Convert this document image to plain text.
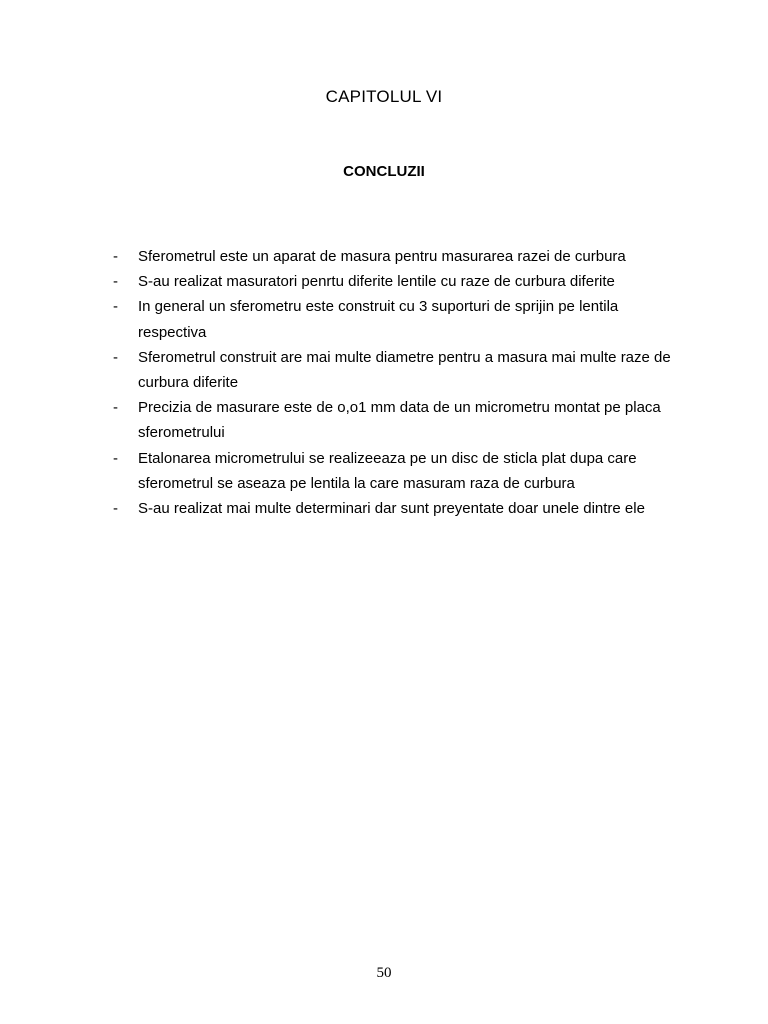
CAPITOLUL VI
CONCLUZII
- Sferometrul este un aparat de masura pentru masurarea razei de curbura
- S-au realizat masuratori penrtu diferite lentile cu raze de curbura diferite
- In general un sferometru este construit cu 3 suporturi de sprijin pe lentila respectiva
- Sferometrul construit are mai multe diametre pentru a masura mai multe raze de curbura diferite
- Precizia de masurare este de o,o1 mm data de un micrometru montat pe placa sferometrului
- Etalonarea micrometrului se realizeeaza pe un disc de sticla plat dupa care sferometrul se aseaza pe lentila la care masuram raza de curbura
- S-au realizat mai multe determinari dar sunt preyentate doar unele dintre ele
50
